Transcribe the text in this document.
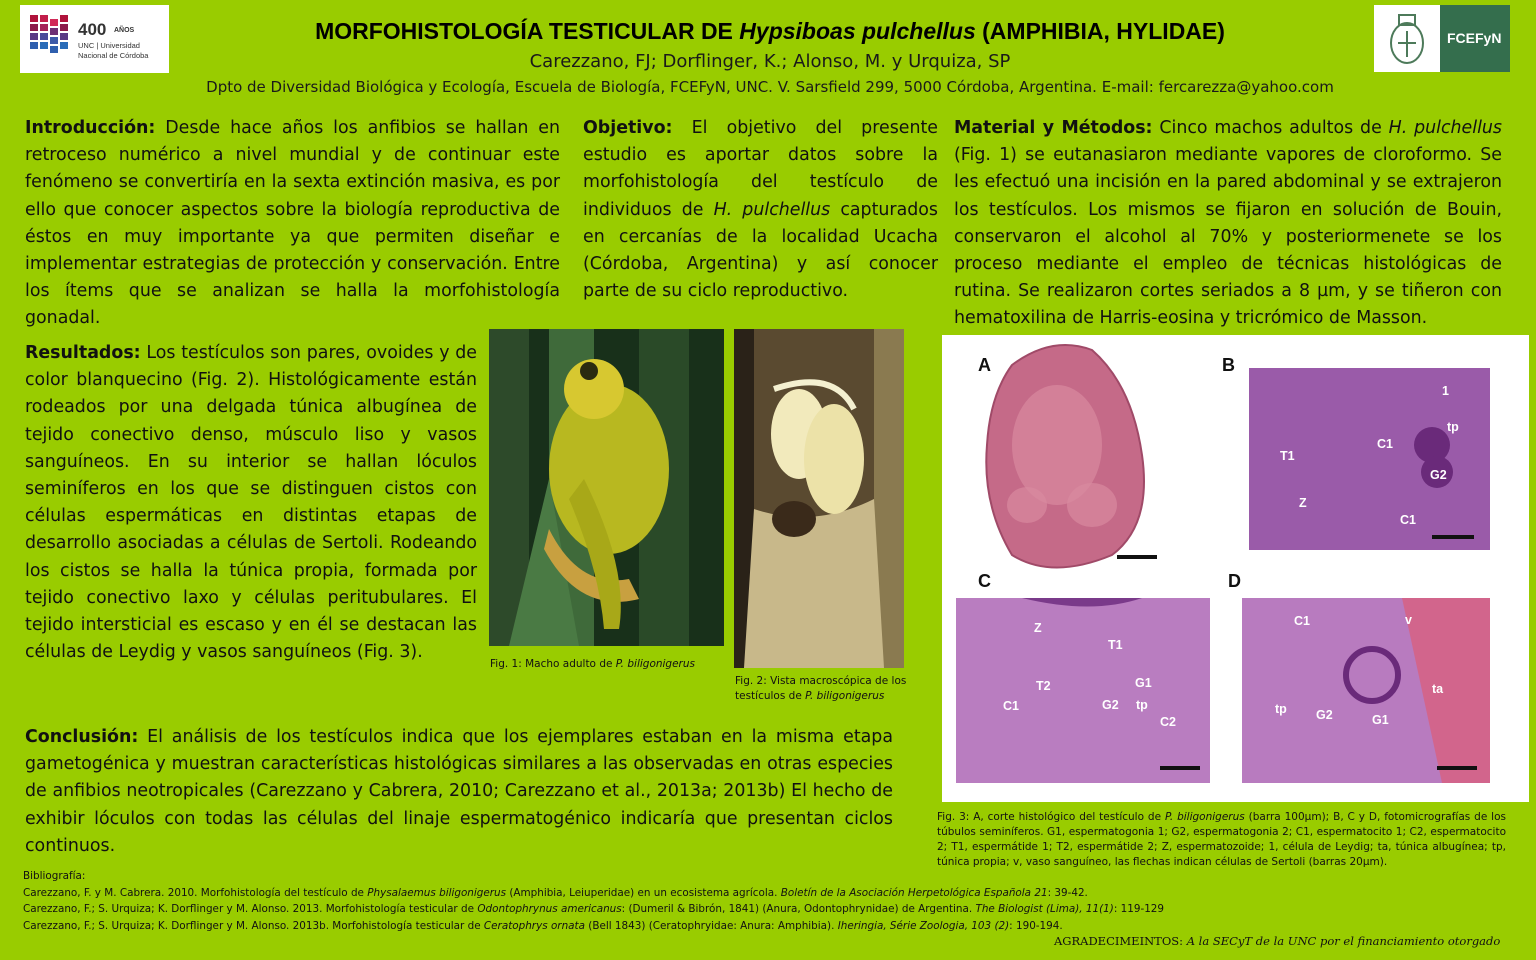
400 AÑOS
UNC | Universidad
Nacional de Córdoba
FCEFyN
MORFOHISTOLOGÍA TESTICULAR DE Hypsiboas pulchellus (AMPHIBIA, HYLIDAE)
Carezzano, FJ; Dorflinger, K.; Alonso, M. y Urquiza, SP
Dpto de Diversidad Biológica y Ecología, Escuela de Biología, FCEFyN, UNC. V. Sarsfield 299, 5000 Córdoba, Argentina. E-mail: fercarezza@yahoo.com
Introducción: Desde hace años los anfibios se hallan en retroceso numérico a nivel mundial y de continuar este fenómeno se convertiría en la sexta extinción masiva, es por ello que conocer aspectos sobre la biología reproductiva de éstos en muy importante ya que permiten diseñar e implementar estrategias de protección y conservación. Entre los ítems que se analizan se halla la morfohistología gonadal.
Objetivo: El objetivo del presente estudio es aportar datos sobre la morfohistología del testículo de individuos de H. pulchellus capturados en cercanías de la localidad Ucacha (Córdoba, Argentina) y así conocer parte de su ciclo reproductivo.
Material y Métodos: Cinco machos adultos de H. pulchellus (Fig. 1) se eutanasiaron mediante vapores de cloroformo. Se les efectuó una incisión en la pared abdominal y se extrajeron los testículos. Los mismos se fijaron en solución de Bouin, conservaron el alcohol al 70% y posteriormenete se los proceso mediante el empleo de técnicas histológicas de rutina. Se realizaron cortes seriados a 8 µm, y se tiñeron con hematoxilina de Harris-eosina y tricrómico de Masson.
Resultados: Los testículos son pares, ovoides y de color blanquecino (Fig. 2). Histológicamente están rodeados por una delgada túnica albugínea de tejido conectivo denso, músculo liso y vasos sanguíneos. En su interior se hallan lóculos seminíferos en los que se distinguen cistos con células espermáticas en distintas etapas de desarrollo asociadas a células de Sertoli. Rodeando los cistos se halla la túnica propia, formada por tejido conectivo laxo y células peritubulares. El tejido intersticial es escaso y en él se destacan las células de Leydig y vasos sanguíneos (Fig. 3).
Fig. 1: Macho adulto de P. biligonigerus
Fig. 2: Vista macroscópica de los testículos de P. biligonigerus
A	B
T1
C1
1
tp
G2
Z
C1
C
Z
T1
T2	G1
C1	G2 tp
C2
D
C1	v
ta
tp G2	G1
Fig. 3: A, corte histológico del testículo de P. biligonigerus (barra 100µm); B, C y D, fotomicrografías de los túbulos seminíferos. G1, espermatogonia 1; G2, espermatogonia 2; C1, espermatocito 1; C2, espermatocito 2; T1, espermátide 1; T2, espermátide 2; Z, espermatozoide; 1, célula de Leydig; ta, túnica albugínea; tp, túnica propia; v, vaso sanguíneo, las flechas indican células de Sertoli (barras 20µm).
Conclusión: El análisis de los testículos indica que los ejemplares estaban en la misma etapa gametogénica y muestran características histológicas similares a las observadas en otras especies de anfibios neotropicales (Carezzano y Cabrera, 2010; Carezzano et al., 2013a; 2013b) El hecho de exhibir lóculos con todas las células del linaje espermatogénico indicaría que presentan ciclos continuos.
Bibliografía:
Carezzano, F. y M. Cabrera. 2010. Morfohistología del testículo de Physalaemus biligonigerus (Amphibia, Leiuperidae) en un ecosistema agrícola. Boletín de la Asociación Herpetológica Española 21: 39-42.
Carezzano, F.; S. Urquiza; K. Dorflinger y M. Alonso. 2013. Morfohistología testicular de Odontophrynus americanus: (Dumeril & Bibrón, 1841) (Anura, Odontophrynidae) de Argentina. The Biologist (Lima), 11(1): 119-129
Carezzano, F.; S. Urquiza; K. Dorflinger y M. Alonso. 2013b. Morfohistología testicular de Ceratophrys ornata (Bell 1843) (Ceratophryidae: Anura: Amphibia). Iheringia, Série Zoologia, 103 (2): 190-194.
AGRADECIMEINTOS: A la SECyT de la UNC por el financiamiento otorgado
